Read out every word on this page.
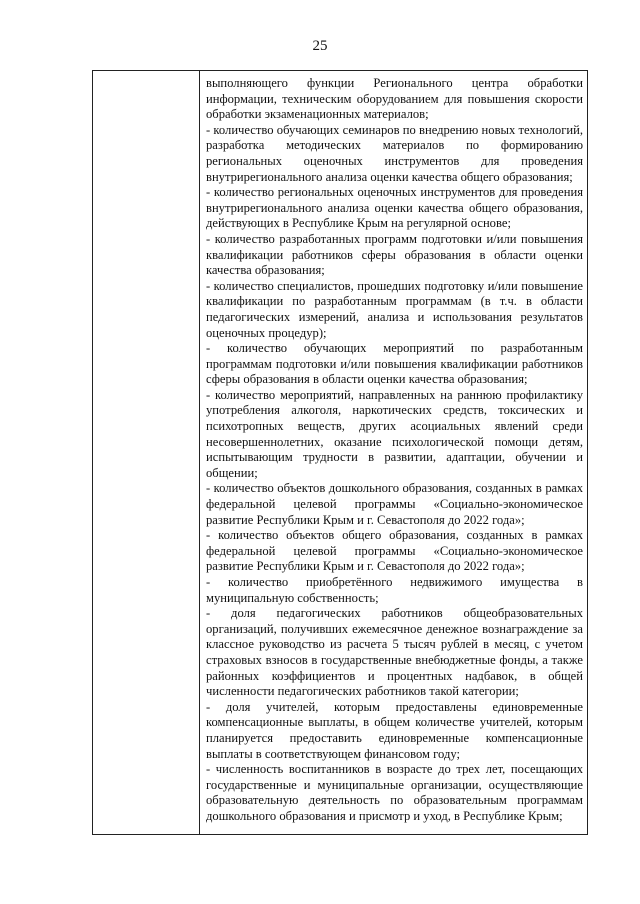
25

выполняющего функции Регионального центра обработки информации, техническим оборудованием для повышения скорости обработки экзаменационных материалов;

- количество обучающих семинаров по внедрению новых технологий, разработка методических материалов по формированию региональных оценочных инструментов для проведения внутрирегионального анализа оценки качества общего образования;

- количество региональных оценочных инструментов для проведения внутрирегионального анализа оценки качества общего образования, действующих в Республике Крым на регулярной основе;

- количество разработанных программ подготовки и/или повышения квалификации работников сферы образования в области оценки качества образования;

- количество специалистов, прошедших подготовку и/или повышение квалификации по разработанным программам (в т.ч. в области педагогических измерений, анализа и использования результатов оценочных процедур);

- количество обучающих мероприятий по разработанным программам подготовки и/или повышения квалификации работников сферы образования в области оценки качества образования;

- количество мероприятий, направленных на раннюю профилактику употребления алкоголя, наркотических средств, токсических и психотропных веществ, других асоциальных явлений среди несовершеннолетних, оказание психологической помощи детям, испытывающим трудности в развитии, адаптации, обучении и общении;

- количество объектов дошкольного образования, созданных в рамках федеральной целевой программы «Социально-экономическое развитие Республики Крым и г. Севастополя до 2022 года»;

- количество объектов общего образования, созданных в рамках федеральной целевой программы «Социально-экономическое развитие Республики Крым и г. Севастополя до 2022 года»;

- количество приобретённого недвижимого имущества в муниципальную собственность;

- доля педагогических работников общеобразовательных организаций, получивших ежемесячное денежное вознаграждение за классное руководство из расчета 5 тысяч рублей в месяц, с учетом страховых взносов в государственные внебюджетные фонды, а также районных коэффициентов и процентных надбавок, в общей численности педагогических работников такой категории;

- доля учителей, которым предоставлены единовременные компенсационные выплаты, в общем количестве учителей, которым планируется предоставить единовременные компенсационные выплаты в соответствующем финансовом году;

- численность воспитанников в возрасте до трех лет, посещающих государственные и муниципальные организации, осуществляющие образовательную деятельность по образовательным программам дошкольного образования и присмотр и уход, в Республике Крым;
